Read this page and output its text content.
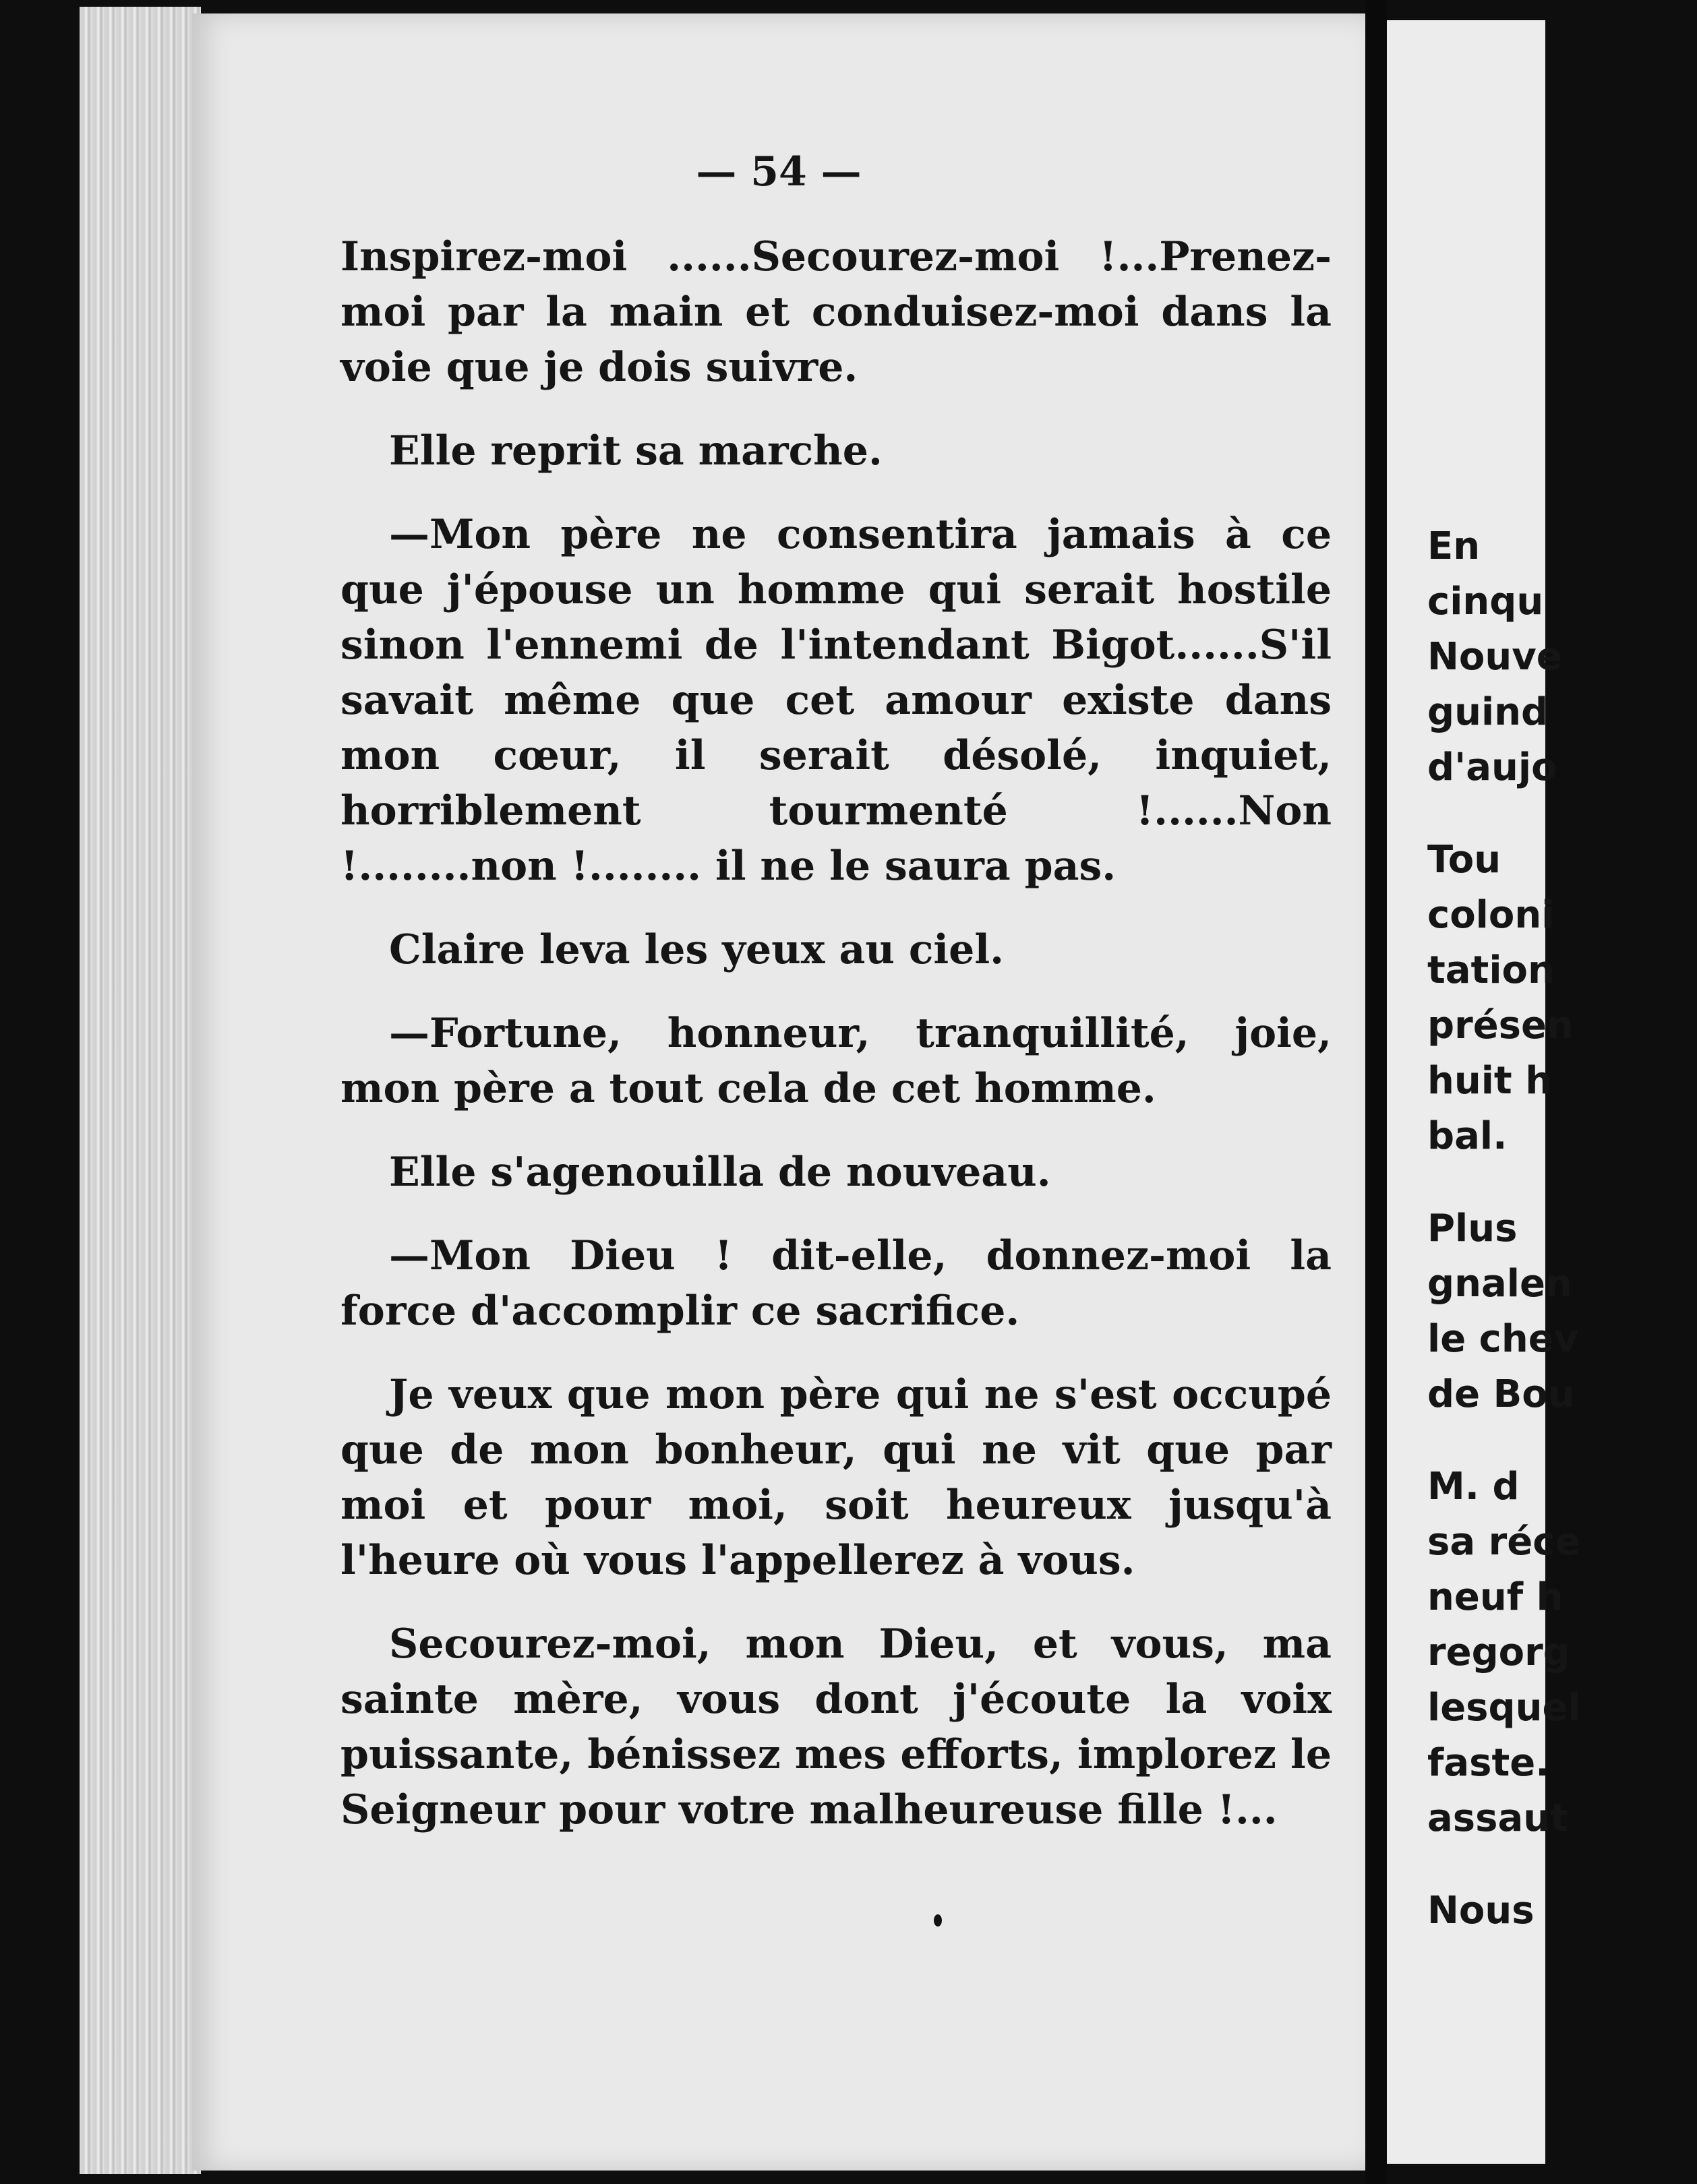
— 54 —

Inspirez-moi ......Secourez-moi !...Prenez-moi par la main et conduisez-moi dans la voie que je dois suivre.

Elle reprit sa marche.

—Mon père ne consentira jamais à ce que j'épouse un homme qui serait hostile sinon l'ennemi de l'intendant Bigot......S'il savait même que cet amour existe dans mon cœur, il serait désolé, inquiet, horriblement tourmenté !......Non !........non !........ il ne le saura pas.

Claire leva les yeux au ciel.

—Fortune, honneur, tranquillité, joie, mon père a tout cela de cet homme.

Elle s'agenouilla de nouveau.

—Mon Dieu ! dit-elle, donnez-moi la force d'accomplir ce sacrifice.

Je veux que mon père qui ne s'est occupé que de mon bonheur, qui ne vit que par moi et pour moi, soit heureux jusqu'à l'heure où vous l'appellerez à vous.

Secourez-moi, mon Dieu, et vous, ma sainte mère, vous dont j'écoute la voix puissante, bénissez mes efforts, implorez le Seigneur pour votre malheureuse fille !...

En
cinqu
Nouve
guind
d'aujo
Tou
coloni
tation
présen
huit h
bal.
Plus
gnalen
le chev
de Bou
M. d
sa réce
neuf h
regorg
lesquel
faste.
assaut
Nous
